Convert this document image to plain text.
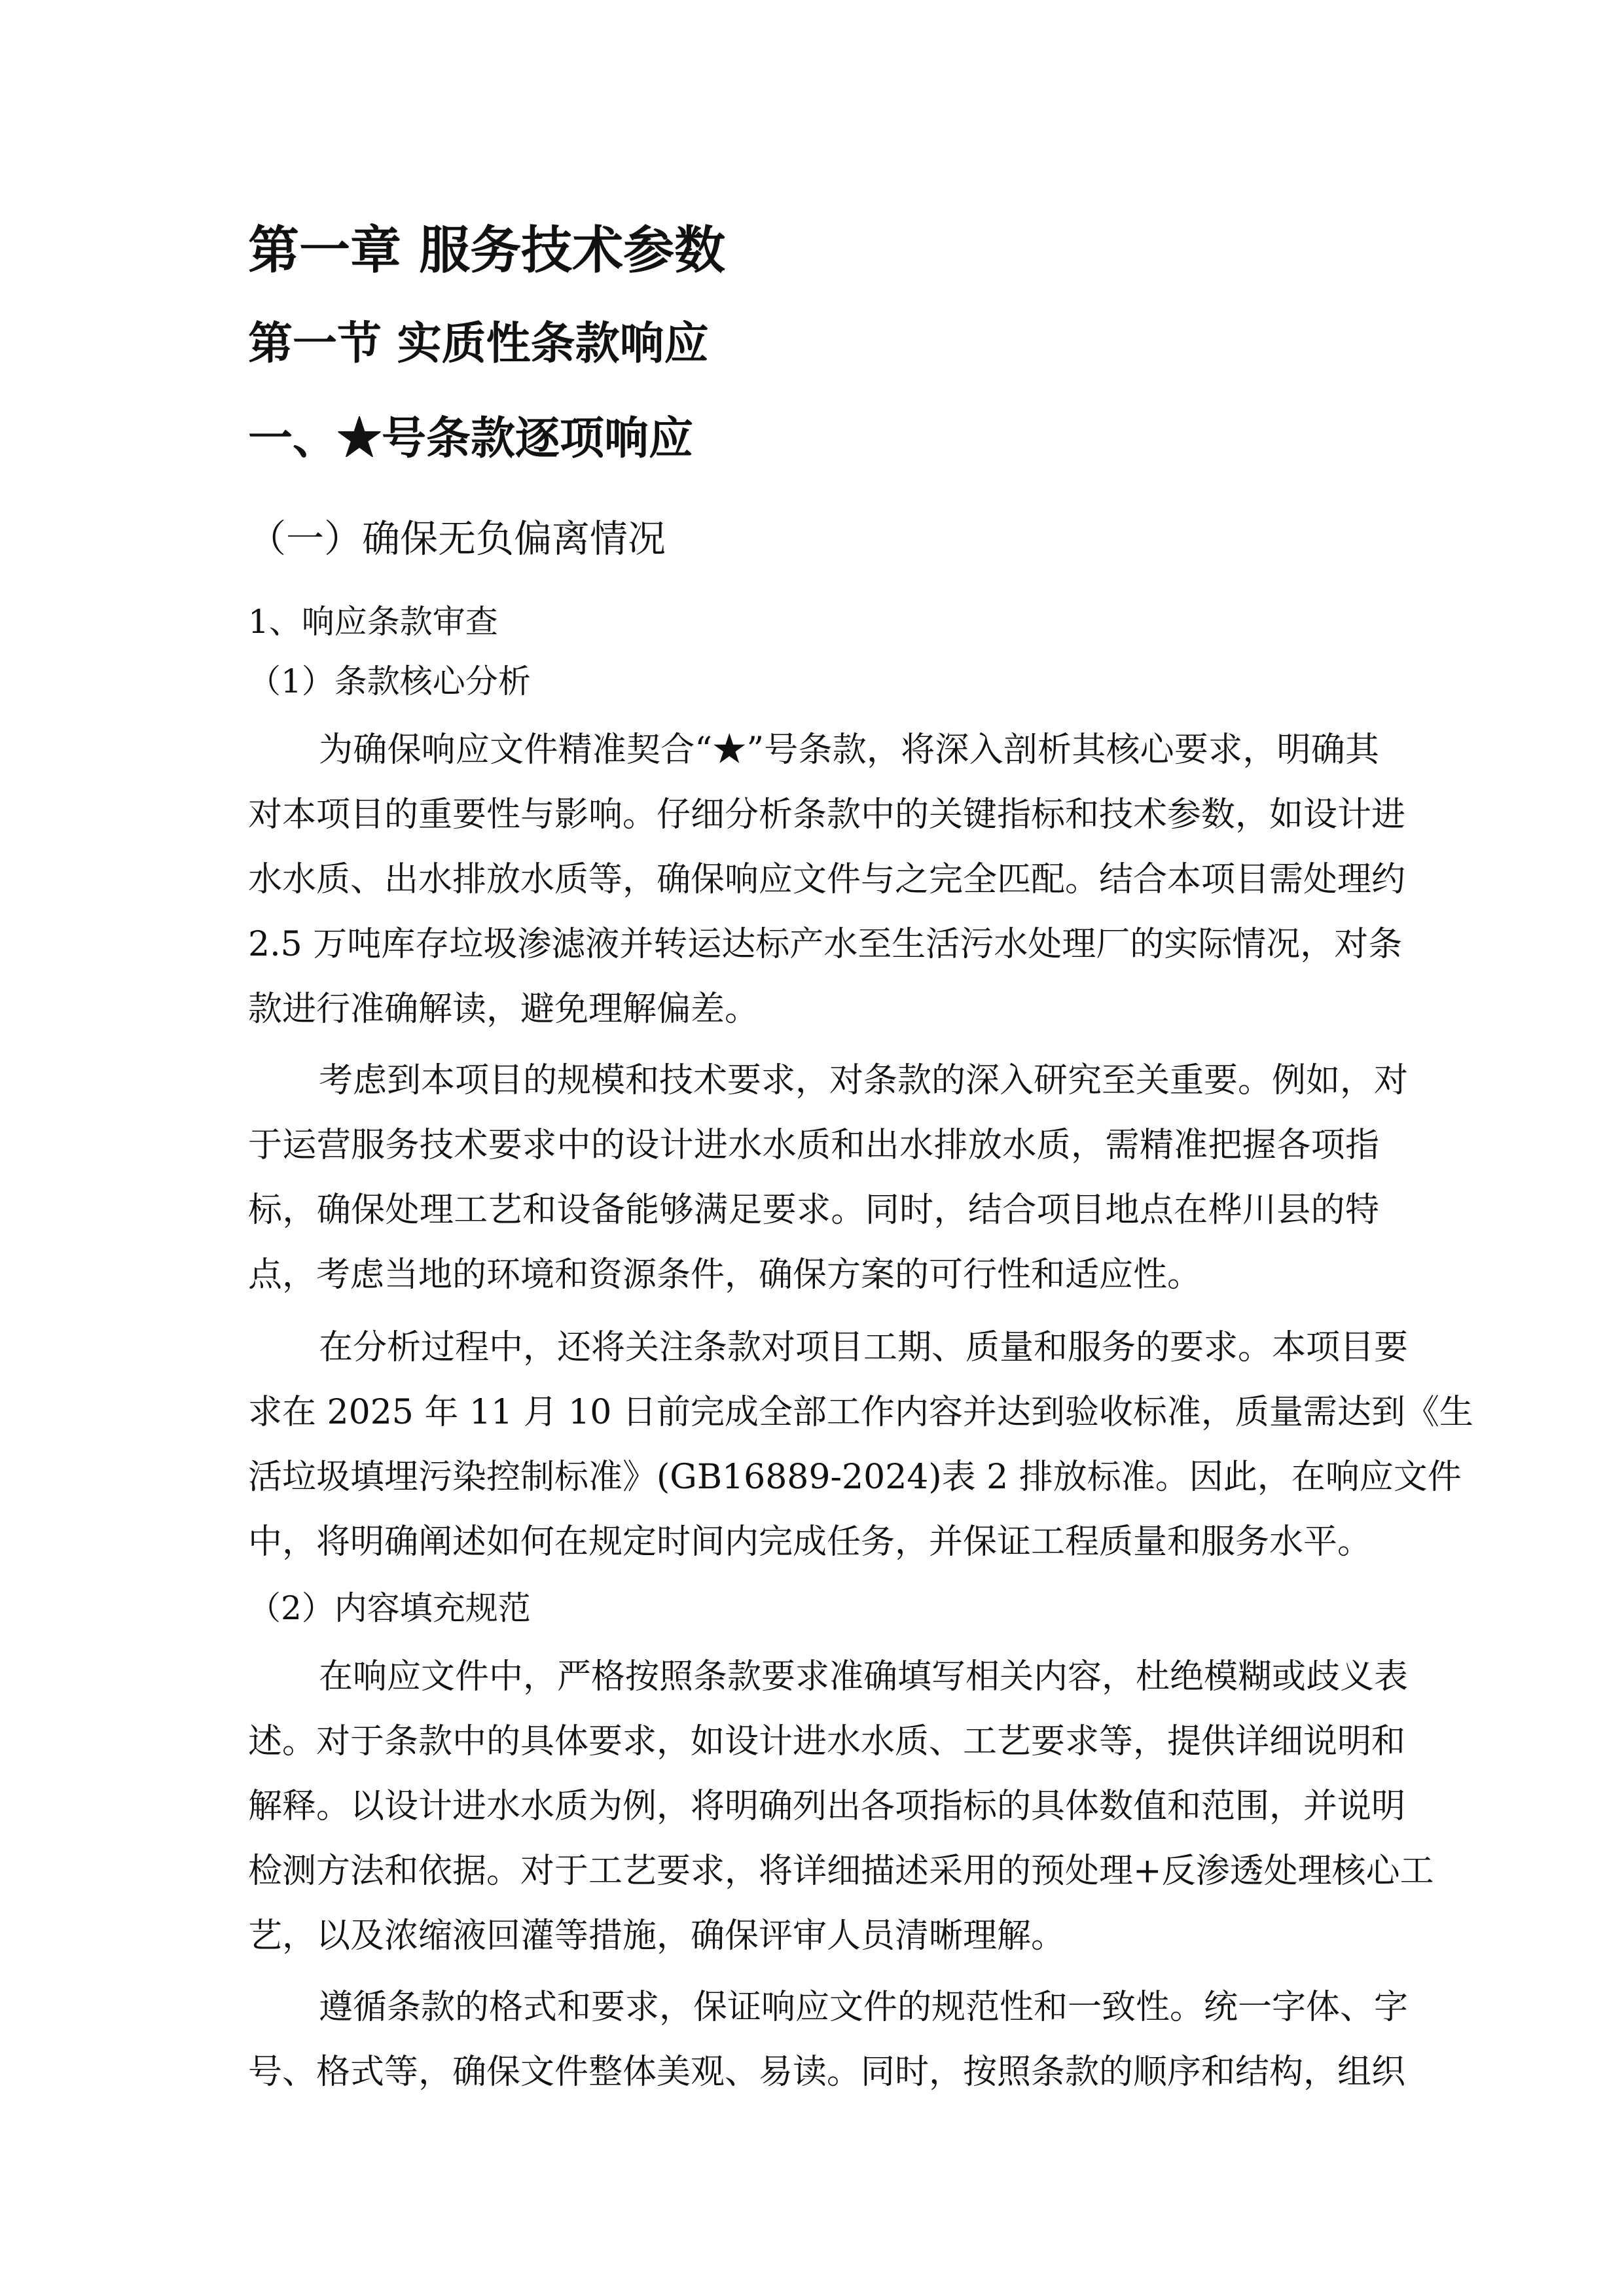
第一章 服务技术参数
第一节 实质性条款响应
一、★号条款逐项响应
（一）确保无负偏离情况
1、响应条款审查
（1）条款核心分析
为确保响应文件精准契合“★”号条款，将深入剖析其核心要求，明确其
对本项目的重要性与影响。仔细分析条款中的关键指标和技术参数，如设计进
水水质、出水排放水质等，确保响应文件与之完全匹配。结合本项目需处理约
2.5 万吨库存垃圾渗滤液并转运达标产水至生活污水处理厂的实际情况，对条
款进行准确解读，避免理解偏差。
考虑到本项目的规模和技术要求，对条款的深入研究至关重要。例如，对
于运营服务技术要求中的设计进水水质和出水排放水质，需精准把握各项指
标，确保处理工艺和设备能够满足要求。同时，结合项目地点在桦川县的特
点，考虑当地的环境和资源条件，确保方案的可行性和适应性。
在分析过程中，还将关注条款对项目工期、质量和服务的要求。本项目要
求在 2025 年 11 月 10 日前完成全部工作内容并达到验收标准，质量需达到《生
活垃圾填埋污染控制标准》(GB16889-2024)表 2 排放标准。因此，在响应文件
中，将明确阐述如何在规定时间内完成任务，并保证工程质量和服务水平。
（2）内容填充规范
在响应文件中，严格按照条款要求准确填写相关内容，杜绝模糊或歧义表
述。对于条款中的具体要求，如设计进水水质、工艺要求等，提供详细说明和
解释。以设计进水水质为例，将明确列出各项指标的具体数值和范围，并说明
检测方法和依据。对于工艺要求，将详细描述采用的预处理+反渗透处理核心工
艺，以及浓缩液回灌等措施，确保评审人员清晰理解。
遵循条款的格式和要求，保证响应文件的规范性和一致性。统一字体、字
号、格式等，确保文件整体美观、易读。同时，按照条款的顺序和结构，组织
